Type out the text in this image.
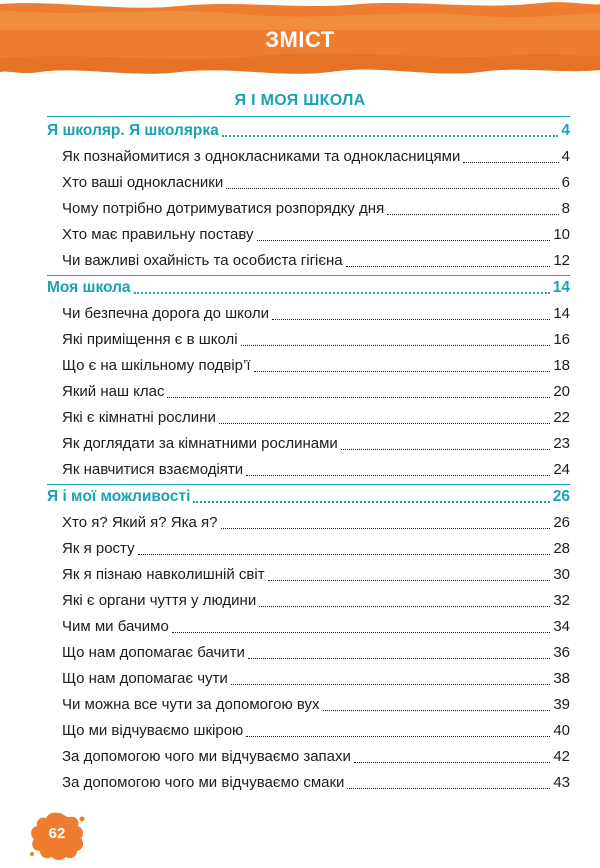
ЗМІСТ
Я І МОЯ ШКОЛА
Я школяр. Я школярка	4
Як познайомитися з однокласниками та однокласницями	4
Хто ваші однокласники	6
Чому потрібно дотримуватися розпорядку дня	8
Хто має правильну поставу	10
Чи важливі охайність та особиста гігієна	12
Моя школа	14
Чи безпечна дорога до школи	14
Які приміщення є в школі	16
Що є на шкільному подвір’ї	18
Який наш клас	20
Які є кімнатні рослини	22
Як доглядати за кімнатними рослинами	23
Як навчитися взаємодіяти	24
Я і мої можливості	26
Хто я? Який я? Яка я?	26
Як я росту	28
Як я пізнаю навколишній світ	30
Які є органи чуття у людини	32
Чим ми бачимо	34
Що нам допомагає бачити	36
Що нам допомагає чути	38
Чи можна все чути за допомогою вух	39
Що ми відчуваємо шкірою	40
За допомогою чого ми відчуваємо запахи	42
За допомогою чого ми відчуваємо смаки	43
62
